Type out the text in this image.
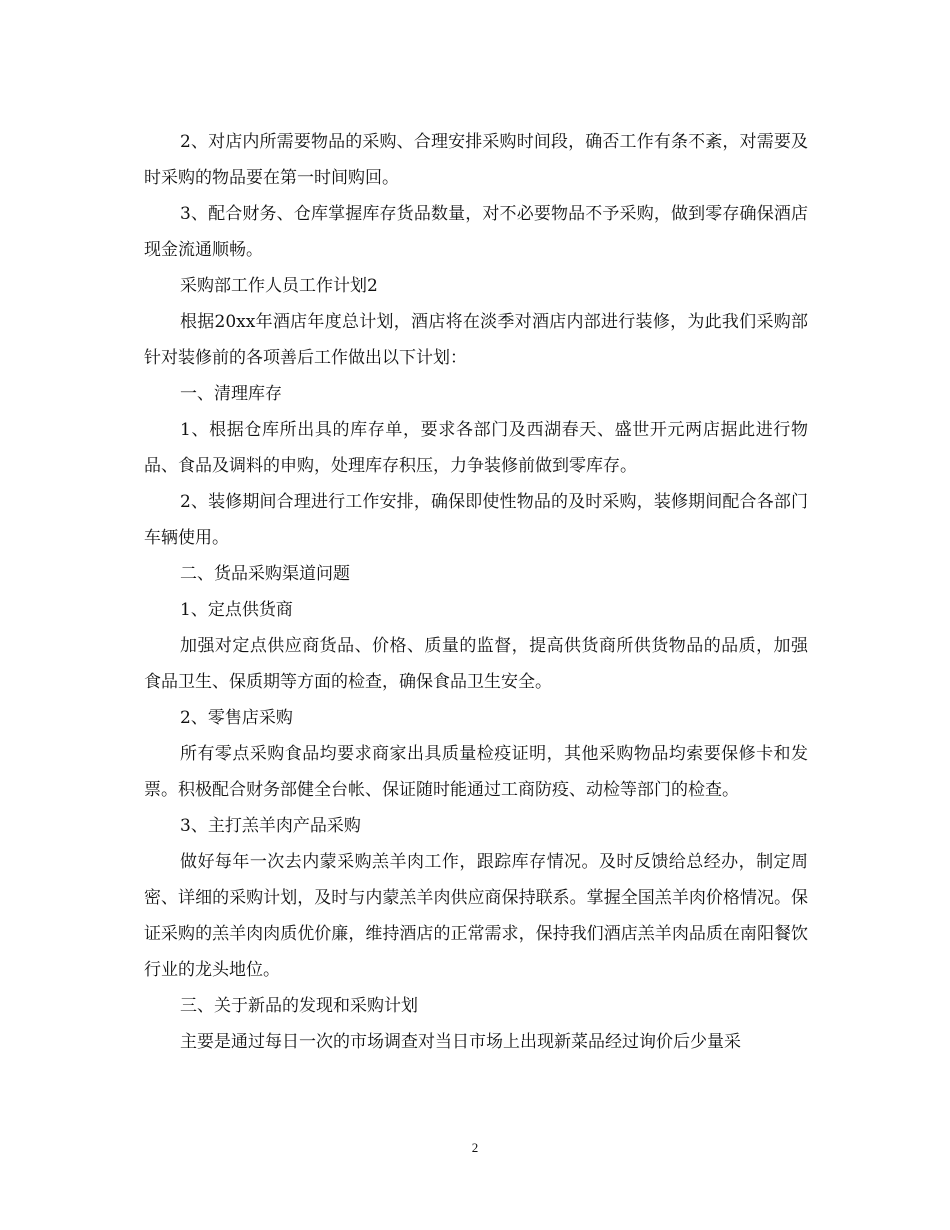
2、对店内所需要物品的采购、合理安排采购时间段，确否工作有条不紊，对需要及时采购的物品要在第一时间购回。

3、配合财务、仓库掌握库存货品数量，对不必要物品不予采购，做到零存确保酒店现金流通顺畅。

采购部工作人员工作计划2

根据20xx年酒店年度总计划，酒店将在淡季对酒店内部进行装修，为此我们采购部针对装修前的各项善后工作做出以下计划：

一、清理库存

1、根据仓库所出具的库存单，要求各部门及西湖春天、盛世开元两店据此进行物品、食品及调料的申购，处理库存积压，力争装修前做到零库存。

2、装修期间合理进行工作安排，确保即使性物品的及时采购，装修期间配合各部门车辆使用。

二、货品采购渠道问题

1、定点供货商

加强对定点供应商货品、价格、质量的监督，提高供货商所供货物品的品质，加强食品卫生、保质期等方面的检查，确保食品卫生安全。

2、零售店采购

所有零点采购食品均要求商家出具质量检疫证明，其他采购物品均索要保修卡和发票。积极配合财务部健全台帐、保证随时能通过工商防疫、动检等部门的检查。

3、主打羔羊肉产品采购

做好每年一次去内蒙采购羔羊肉工作，跟踪库存情况。及时反馈给总经办，制定周密、详细的采购计划，及时与内蒙羔羊肉供应商保持联系。掌握全国羔羊肉价格情况。保证采购的羔羊肉肉质优价廉，维持酒店的正常需求，保持我们酒店羔羊肉品质在南阳餐饮行业的龙头地位。

三、关于新品的发现和采购计划

主要是通过每日一次的市场调查对当日市场上出现新菜品经过询价后少量采

2
